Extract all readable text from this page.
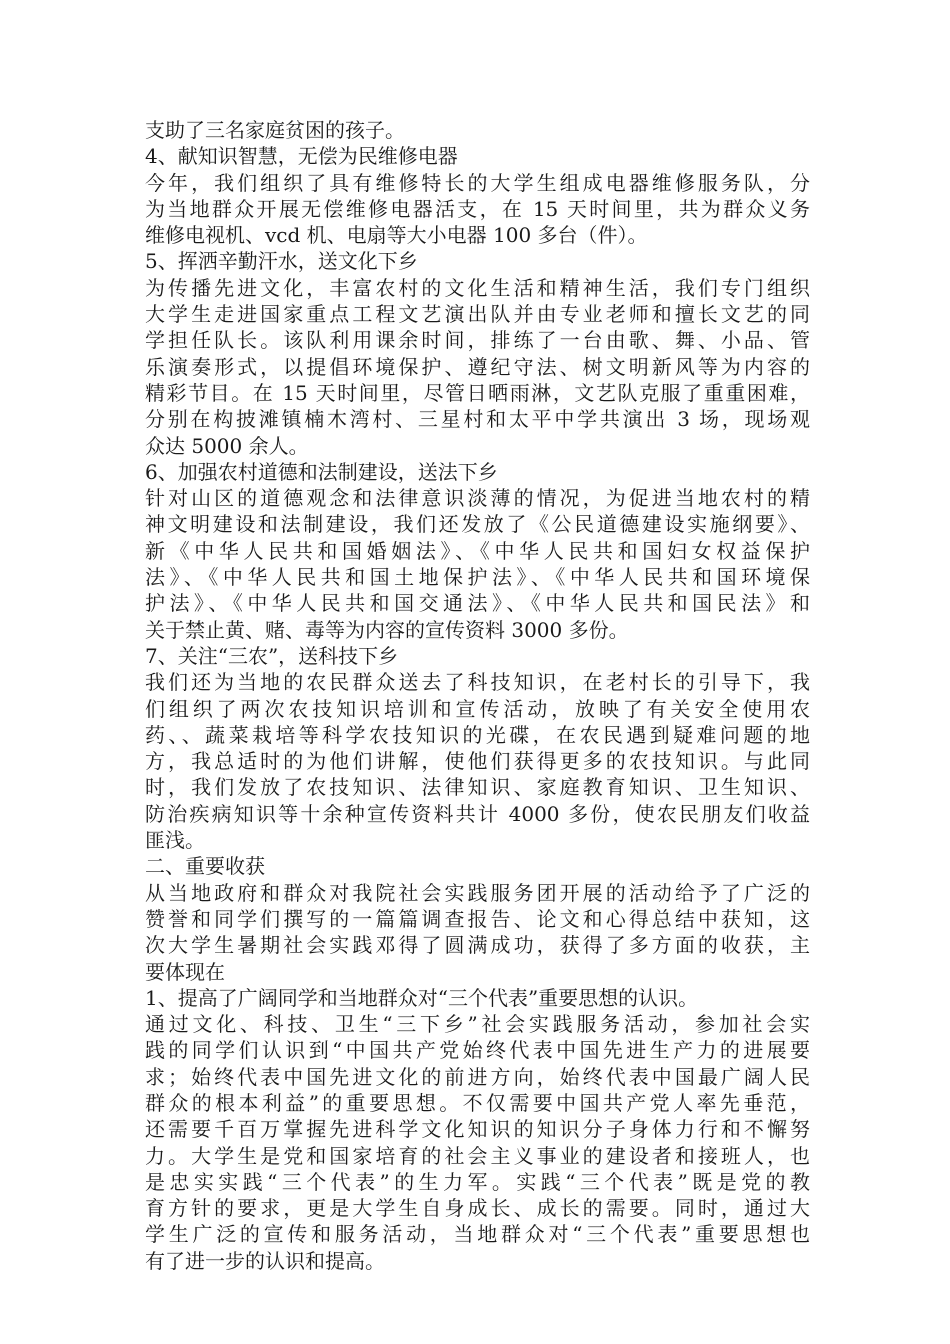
支助了三名家庭贫困的孩子。
4、献知识智慧，无偿为民维修电器
今年，我们组织了具有维修特长的大学生组成电器维修服务队，分
为当地群众开展无偿维修电器活支，在 15 天时间里，共为群众义务
维修电视机、vcd 机、电扇等大小电器 100 多台（件）。
5、挥洒辛勤汗水，送文化下乡
为传播先进文化，丰富农村的文化生活和精神生活，我们专门组织
大学生走进国家重点工程文艺演出队并由专业老师和擅长文艺的同
学担任队长。该队利用课余时间，排练了一台由歌、舞、小品、管
乐演奏形式，以提倡环境保护、遵纪守法、树文明新风等为内容的
精彩节目。在 15 天时间里，尽管日晒雨淋，文艺队克服了重重困难，
分别在构披滩镇楠木湾村、三星村和太平中学共演出 3 场，现场观
众达 5000 余人。
6、加强农村道德和法制建设，送法下乡
针对山区的道德观念和法律意识淡薄的情况，为促进当地农村的精
神文明建设和法制建设，我们还发放了《公民道德建设实施纲要》、
新《中华人民共和国婚姻法》、《中华人民共和国妇女权益保护
法》、《中华人民共和国土地保护法》、《中华人民共和国环境保
护法》、《中华人民共和国交通法》、《中华人民共和国民法》和
关于禁止黄、赌、毒等为内容的宣传资料 3000 多份。
7、关注“三农”，送科技下乡
我们还为当地的农民群众送去了科技知识，在老村长的引导下，我
们组织了两次农技知识培训和宣传活动，放映了有关安全使用农
药、、蔬菜栽培等科学农技知识的光碟，在农民遇到疑难问题的地
方，我总适时的为他们讲解，使他们获得更多的农技知识。与此同
时，我们发放了农技知识、法律知识、家庭教育知识、卫生知识、
防治疾病知识等十余种宣传资料共计 4000 多份，使农民朋友们收益
匪浅。
二、重要收获
从当地政府和群众对我院社会实践服务团开展的活动给予了广泛的
赞誉和同学们撰写的一篇篇调查报告、论文和心得总结中获知，这
次大学生暑期社会实践邓得了圆满成功，获得了多方面的收获，主
要体现在
1、提高了广阔同学和当地群众对“三个代表”重要思想的认识。
通过文化、科技、卫生“三下乡”社会实践服务活动，参加社会实
践的同学们认识到“中国共产党始终代表中国先进生产力的进展要
求；始终代表中国先进文化的前进方向，始终代表中国最广阔人民
群众的根本利益”的重要思想。不仅需要中国共产党人率先垂范，
还需要千百万掌握先进科学文化知识的知识分子身体力行和不懈努
力。大学生是党和国家培育的社会主义事业的建设者和接班人，也
是忠实实践“三个代表”的生力军。实践“三个代表”既是党的教
育方针的要求，更是大学生自身成长、成长的需要。同时，通过大
学生广泛的宣传和服务活动，当地群众对“三个代表”重要思想也
有了进一步的认识和提高。
